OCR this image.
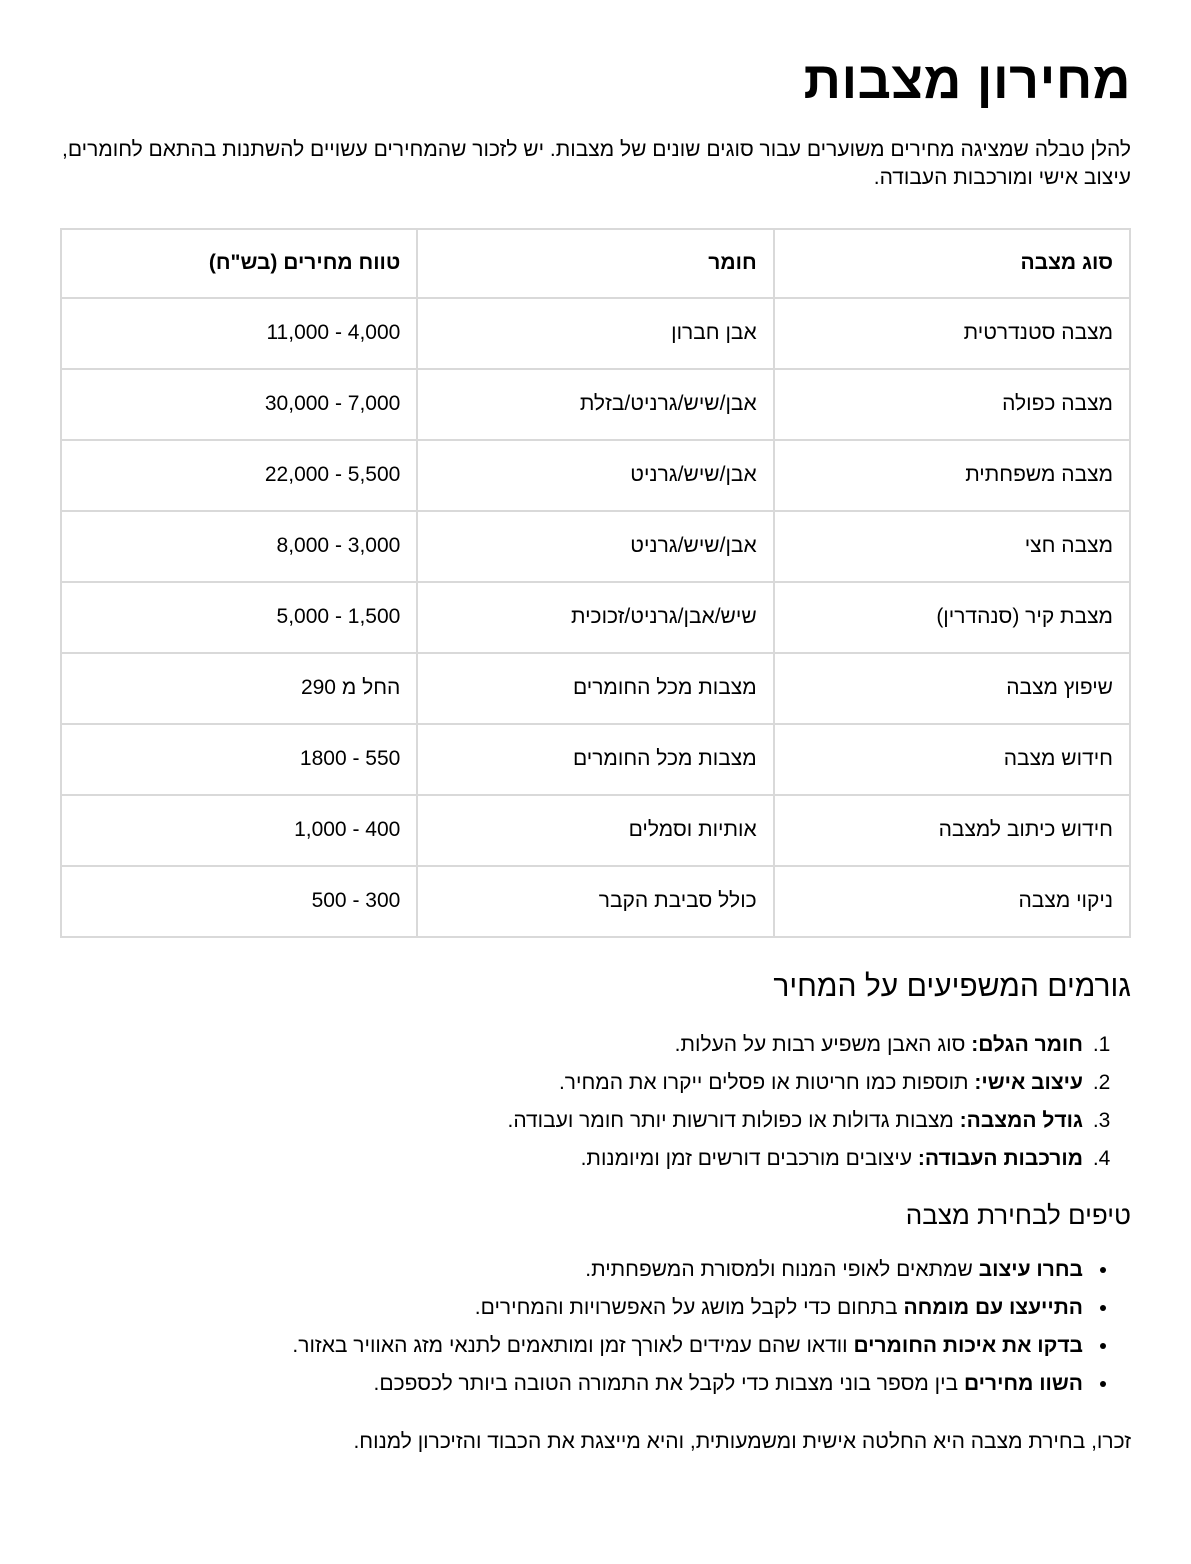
מחירון מצבות

להלן טבלה שמציגה מחירים משוערים עבור סוגים שונים של מצבות. יש לזכור שהמחירים עשויים להשתנות בהתאם לחומרים, עיצוב אישי ומורכבות העבודה.

סוג מצבה	חומר	טווח מחירים (בש"ח)
מצבה סטנדרטית	אבן חברון	4,000 - 11,000
מצבה כפולה	אבן/שיש/גרניט/בזלת	7,000 - 30,000
מצבה משפחתית	אבן/שיש/גרניט	5,500 - 22,000
מצבה חצי	אבן/שיש/גרניט	3,000 - 8,000
מצבת קיר (סנהדרין)	שיש/אבן/גרניט/זכוכית	1,500 - 5,000
שיפוץ מצבה	מצבות מכל החומרים	החל מ 290
חידוש מצבה	מצבות מכל החומרים	550 - 1800
חידוש כיתוב למצבה	אותיות וסמלים	400 - 1,000
ניקוי מצבה	כולל סביבת הקבר	300 - 500
גורמים המשפיעים על המחיר
1. חומר הגלם: סוג האבן משפיע רבות על העלות.
2. עיצוב אישי: תוספות כמו חריטות או פסלים ייקרו את המחיר.
3. גודל המצבה: מצבות גדולות או כפולות דורשות יותר חומר ועבודה.
4. מורכבות העבודה: עיצובים מורכבים דורשים זמן ומיומנות.
טיפים לבחירת מצבה
• בחרו עיצוב שמתאים לאופי המנוח ולמסורת המשפחתית.
• התייעצו עם מומחה בתחום כדי לקבל מושג על האפשרויות והמחירים.
• בדקו את איכות החומרים וודאו שהם עמידים לאורך זמן ומותאמים לתנאי מזג האוויר באזור.
• השוו מחירים בין מספר בוני מצבות כדי לקבל את התמורה הטובה ביותר לכספכם.

זכרו, בחירת מצבה היא החלטה אישית ומשמעותית, והיא מייצגת את הכבוד והזיכרון למנוח.
